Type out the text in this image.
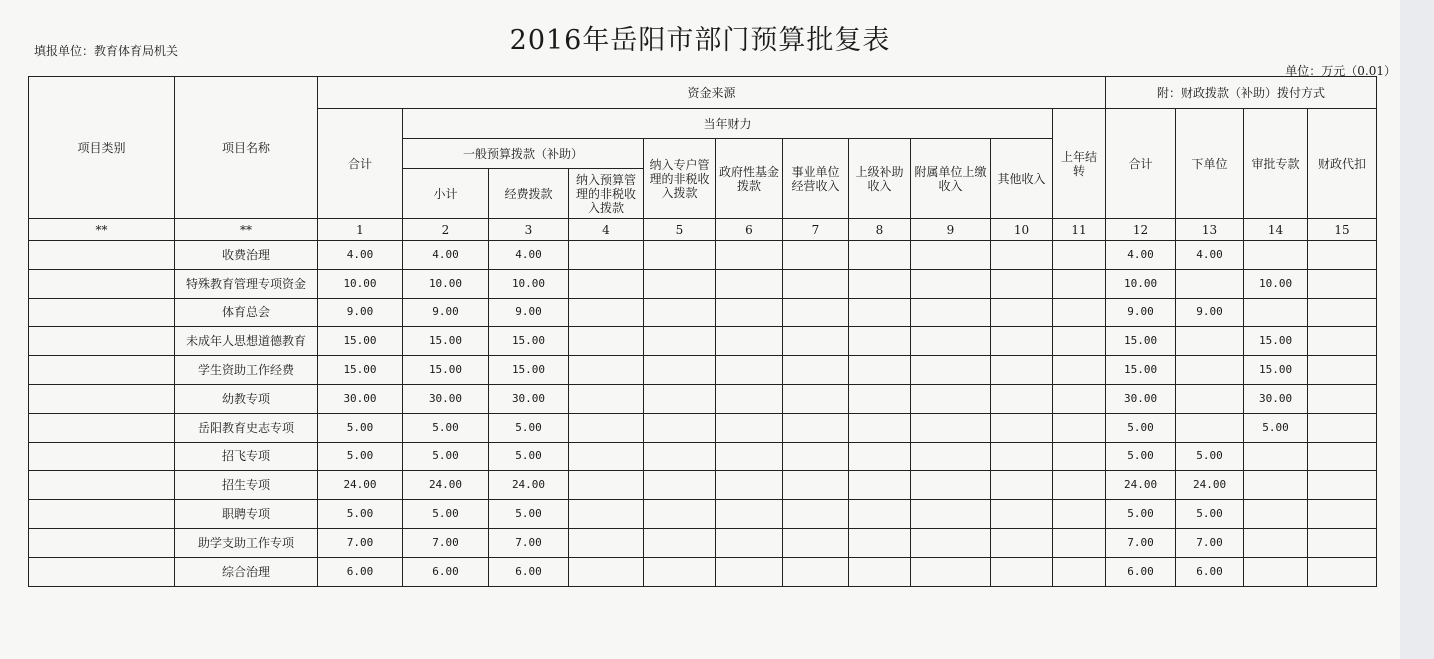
2016年岳阳市部门预算批复表
填报单位：教育体育局机关
单位：万元（0.01）
项目类别	项目名称	资金来源											附：财政拨款（补助）拨付方式			
		合计	当年财力									上年结转	合计	下单位	审批专款	财政代扣
			一般预算拨款（补助）			纳入专户管理的非税收入拨款	政府性基金拨款	事业单位经营收入	上级补助收入	附属单位上缴收入	其他收入					
			小计	经费拨款	纳入预算管理的非税收入拨款											
**	**	1	2	3	4	5	6	7	8	9	10	11	12	13	14	15
	收费治理	4.00	4.00	4.00									4.00	4.00		
	特殊教育管理专项资金	10.00	10.00	10.00									10.00		10.00	
	体育总会	9.00	9.00	9.00									9.00	9.00		
	未成年人思想道德教育	15.00	15.00	15.00									15.00		15.00	
	学生资助工作经费	15.00	15.00	15.00									15.00		15.00	
	幼教专项	30.00	30.00	30.00									30.00		30.00	
	岳阳教育史志专项	5.00	5.00	5.00									5.00		5.00	
	招飞专项	5.00	5.00	5.00									5.00	5.00		
	招生专项	24.00	24.00	24.00									24.00	24.00		
	职聘专项	5.00	5.00	5.00									5.00	5.00		
	助学支助工作专项	7.00	7.00	7.00									7.00	7.00		
	综合治理	6.00	6.00	6.00									6.00	6.00		
